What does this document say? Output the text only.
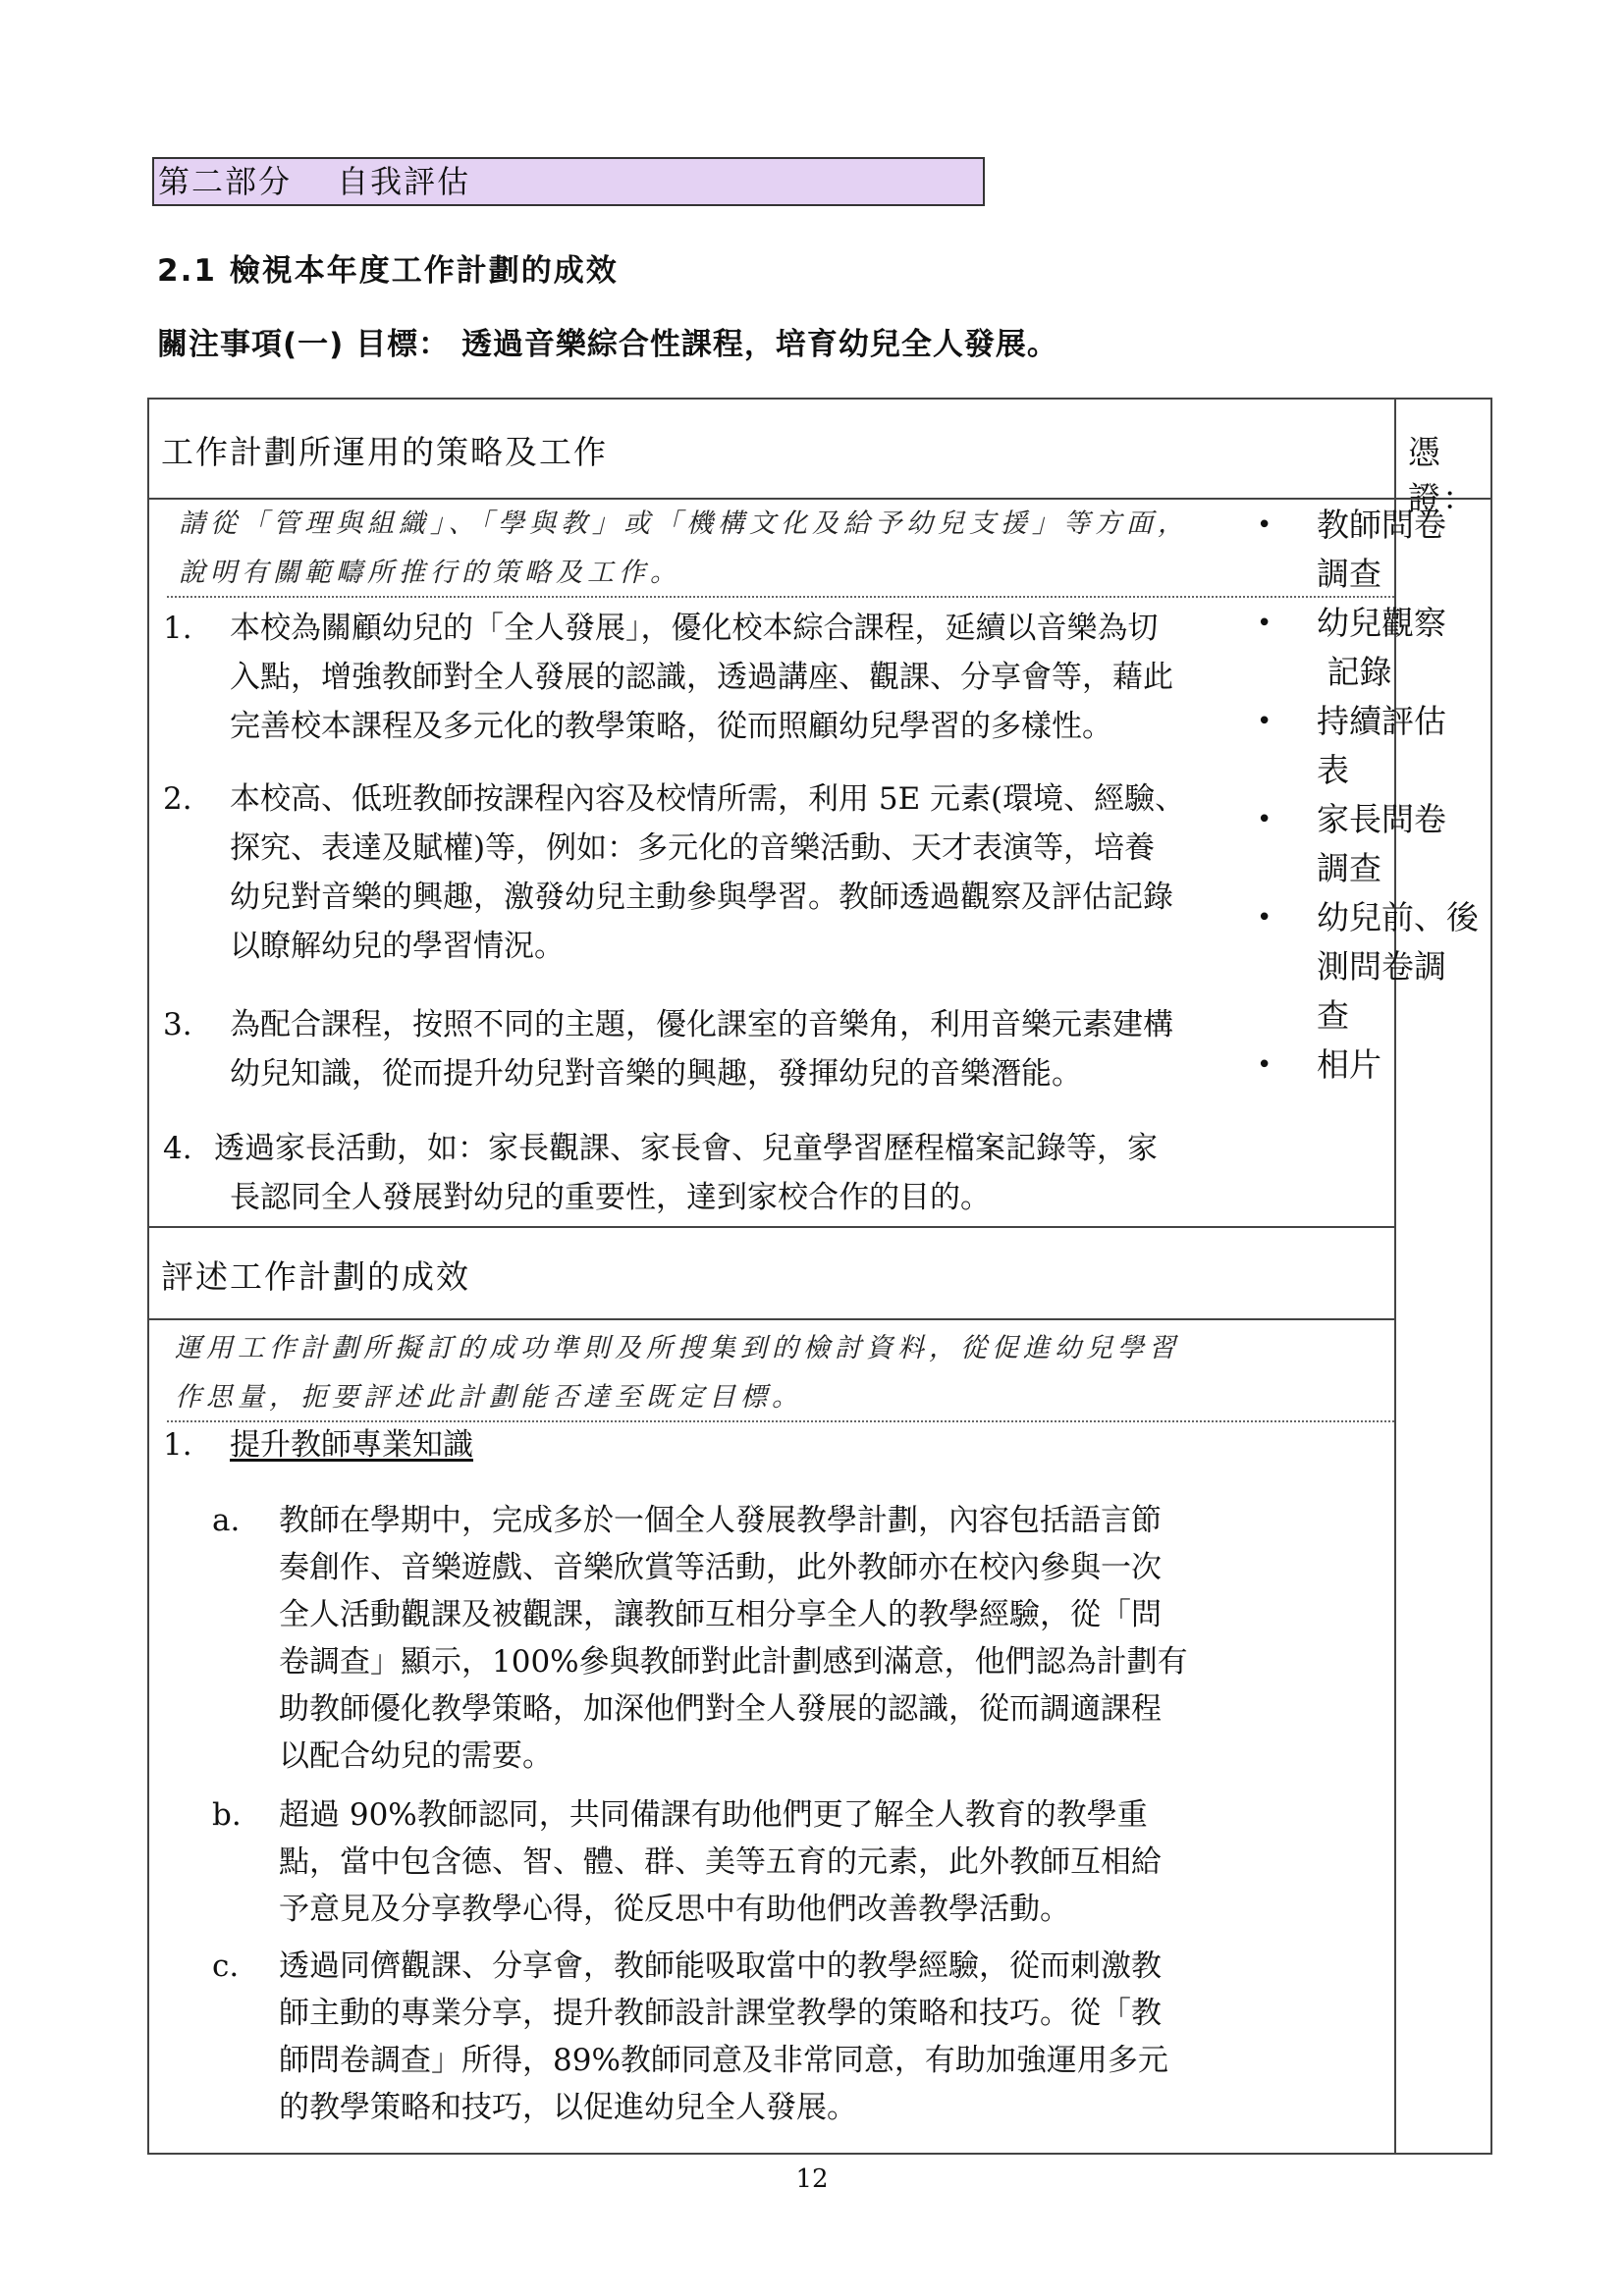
第二部分　 自我評估
2.1 檢視本年度工作計劃的成效
關注事項(一) 目標： 透過音樂綜合性課程，培育幼兒全人發展。
工作計劃所運用的策略及工作	憑證：
請從「管理與組織」、「學與教」或「機構文化及給予幼兒支援」等方面，
說明有關範疇所推行的策略及工作。
1. 本校為關顧幼兒的「全人發展」，優化校本綜合課程，延續以音樂為切
入點，增強教師對全人發展的認識，透過講座、觀課、分享會等，藉此
完善校本課程及多元化的教學策略，從而照顧幼兒學習的多樣性。
2. 本校高、低班教師按課程內容及校情所需，利用 5E 元素(環境、經驗、
探究、表達及賦權)等，例如：多元化的音樂活動、天才表演等，培養
幼兒對音樂的興趣，激發幼兒主動參與學習。教師透過觀察及評估記錄
以瞭解幼兒的學習情況。
3. 為配合課程，按照不同的主題，優化課室的音樂角，利用音樂元素建構
幼兒知識，從而提升幼兒對音樂的興趣，發揮幼兒的音樂潛能。
4. 透過家長活動，如：家長觀課、家長會、兒童學習歷程檔案記錄等，家
長認同全人發展對幼兒的重要性，達到家校合作的目的。
評述工作計劃的成效
運用工作計劃所擬訂的成功準則及所搜集到的檢討資料，從促進幼兒學習
作思量，扼要評述此計劃能否達至既定目標。
1.	提升教師專業知識
a. 教師在學期中，完成多於一個全人發展教學計劃，內容包括語言節
奏創作、音樂遊戲、音樂欣賞等活動，此外教師亦在校內參與一次
全人活動觀課及被觀課，讓教師互相分享全人的教學經驗，從「問
卷調查」顯示，100%參與教師對此計劃感到滿意，他們認為計劃有
助教師優化教學策略，加深他們對全人發展的認識，從而調適課程
以配合幼兒的需要。
b. 超過 90%教師認同，共同備課有助他們更了解全人教育的教學重
點，當中包含德、智、體、群、美等五育的元素，此外教師互相給
予意見及分享教學心得，從反思中有助他們改善教學活動。
c. 透過同儕觀課、分享會，教師能吸取當中的教學經驗，從而刺激教
師主動的專業分享，提升教師設計課堂教學的策略和技巧。從「教
師問卷調查」所得，89%教師同意及非常同意，有助加強運用多元
的教學策略和技巧，以促進幼兒全人發展。
• 教師問卷
調查
• 幼兒觀察
記錄
• 持續評估
表
• 家長問卷
調查
• 幼兒前、後
測問卷調
查
• 相片
12
